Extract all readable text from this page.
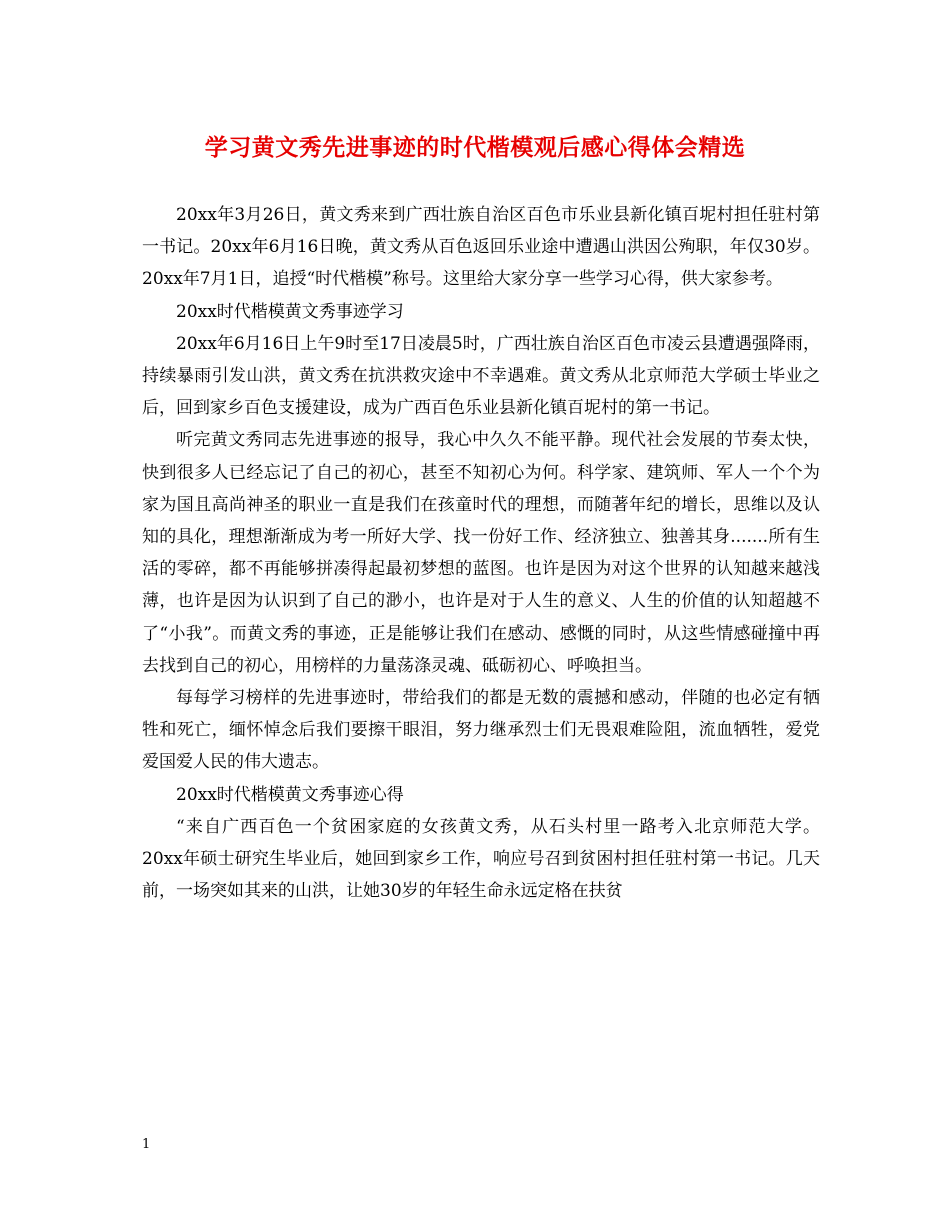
学习黄文秀先进事迹的时代楷模观后感心得体会精选

20xx年3月26日，黄文秀来到广西壮族自治区百色市乐业县新化镇百坭村担任驻村第一书记。20xx年6月16日晚，黄文秀从百色返回乐业途中遭遇山洪因公殉职，年仅30岁。20xx年7月1日，追授“时代楷模”称号。这里给大家分享一些学习心得，供大家参考。

20xx时代楷模黄文秀事迹学习

20xx年6月16日上午9时至17日凌晨5时，广西壮族自治区百色市凌云县遭遇强降雨，持续暴雨引发山洪，黄文秀在抗洪救灾途中不幸遇难。黄文秀从北京师范大学硕士毕业之后，回到家乡百色支援建设，成为广西百色乐业县新化镇百坭村的第一书记。

听完黄文秀同志先进事迹的报导，我心中久久不能平静。现代社会发展的节奏太快，快到很多人已经忘记了自己的初心，甚至不知初心为何。科学家、建筑师、军人一个个为家为国且高尚神圣的职业一直是我们在孩童时代的理想，而随著年纪的增长，思维以及认知的具化，理想渐渐成为考一所好大学、找一份好工作、经济独立、独善其身.......所有生活的零碎，都不再能够拼凑得起最初梦想的蓝图。也许是因为对这个世界的认知越来越浅薄，也许是因为认识到了自己的渺小，也许是对于人生的意义、人生的价值的认知超越不了“小我”。而黄文秀的事迹，正是能够让我们在感动、感慨的同时，从这些情感碰撞中再去找到自己的初心，用榜样的力量荡涤灵魂、砥砺初心、呼唤担当。

每每学习榜样的先进事迹时，带给我们的都是无数的震撼和感动，伴随的也必定有牺牲和死亡，缅怀悼念后我们要擦干眼泪，努力继承烈士们无畏艰难险阻，流血牺牲，爱党爱国爱人民的伟大遗志。

20xx时代楷模黄文秀事迹心得

“来自广西百色一个贫困家庭的女孩黄文秀，从石头村里一路考入北京师范大学。20xx年硕士研究生毕业后，她回到家乡工作，响应号召到贫困村担任驻村第一书记。几天前，一场突如其来的山洪，让她30岁的年轻生命永远定格在扶贫

1
